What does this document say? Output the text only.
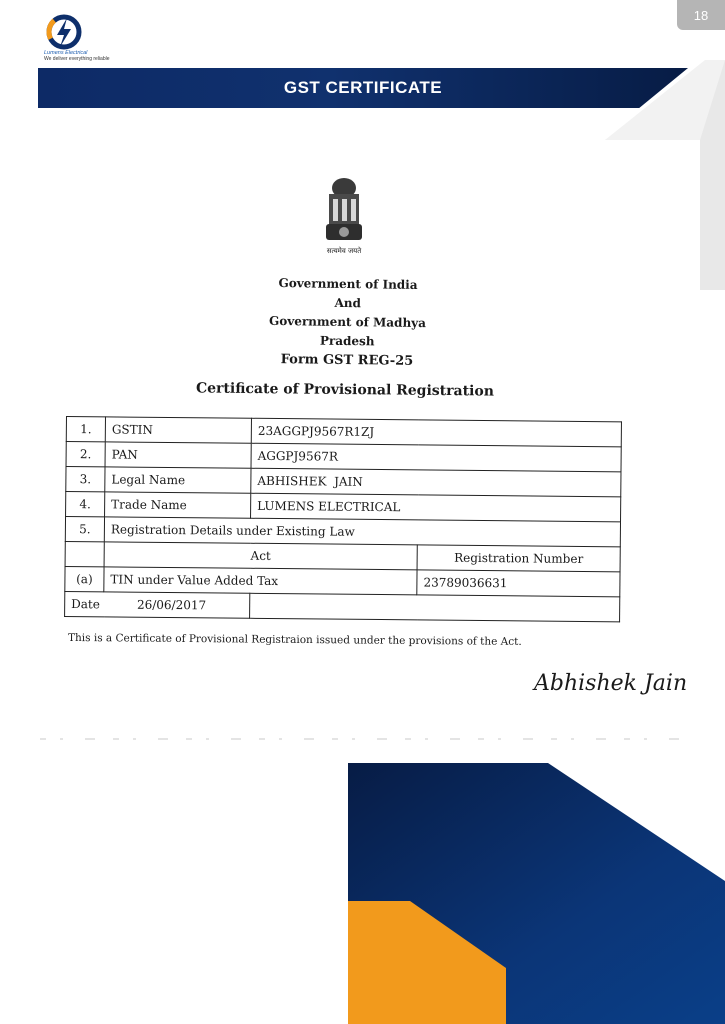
18
Lumens Electrical
We deliver everything reliable
GST CERTIFICATE
सत्यमेव जयते
Government of India
And
Government of Madhya Pradesh
Form GST REG-25
Certificate of Provisional Registration
1.	GSTIN	23AGGPJ9567R1ZJ	
2.	PAN	AGGPJ9567R	
3.	Legal Name	ABHISHEK  JAIN	
4.	Trade Name	LUMENS ELECTRICAL	
5.	Registration Details under Existing Law		
	Act		Registration Number
(a)	TIN under Value Added Tax		23789036631
Date 26/06/2017			
This is a Certificate of Provisional Registraion issued under the provisions of the Act.
Abhishek Jain
